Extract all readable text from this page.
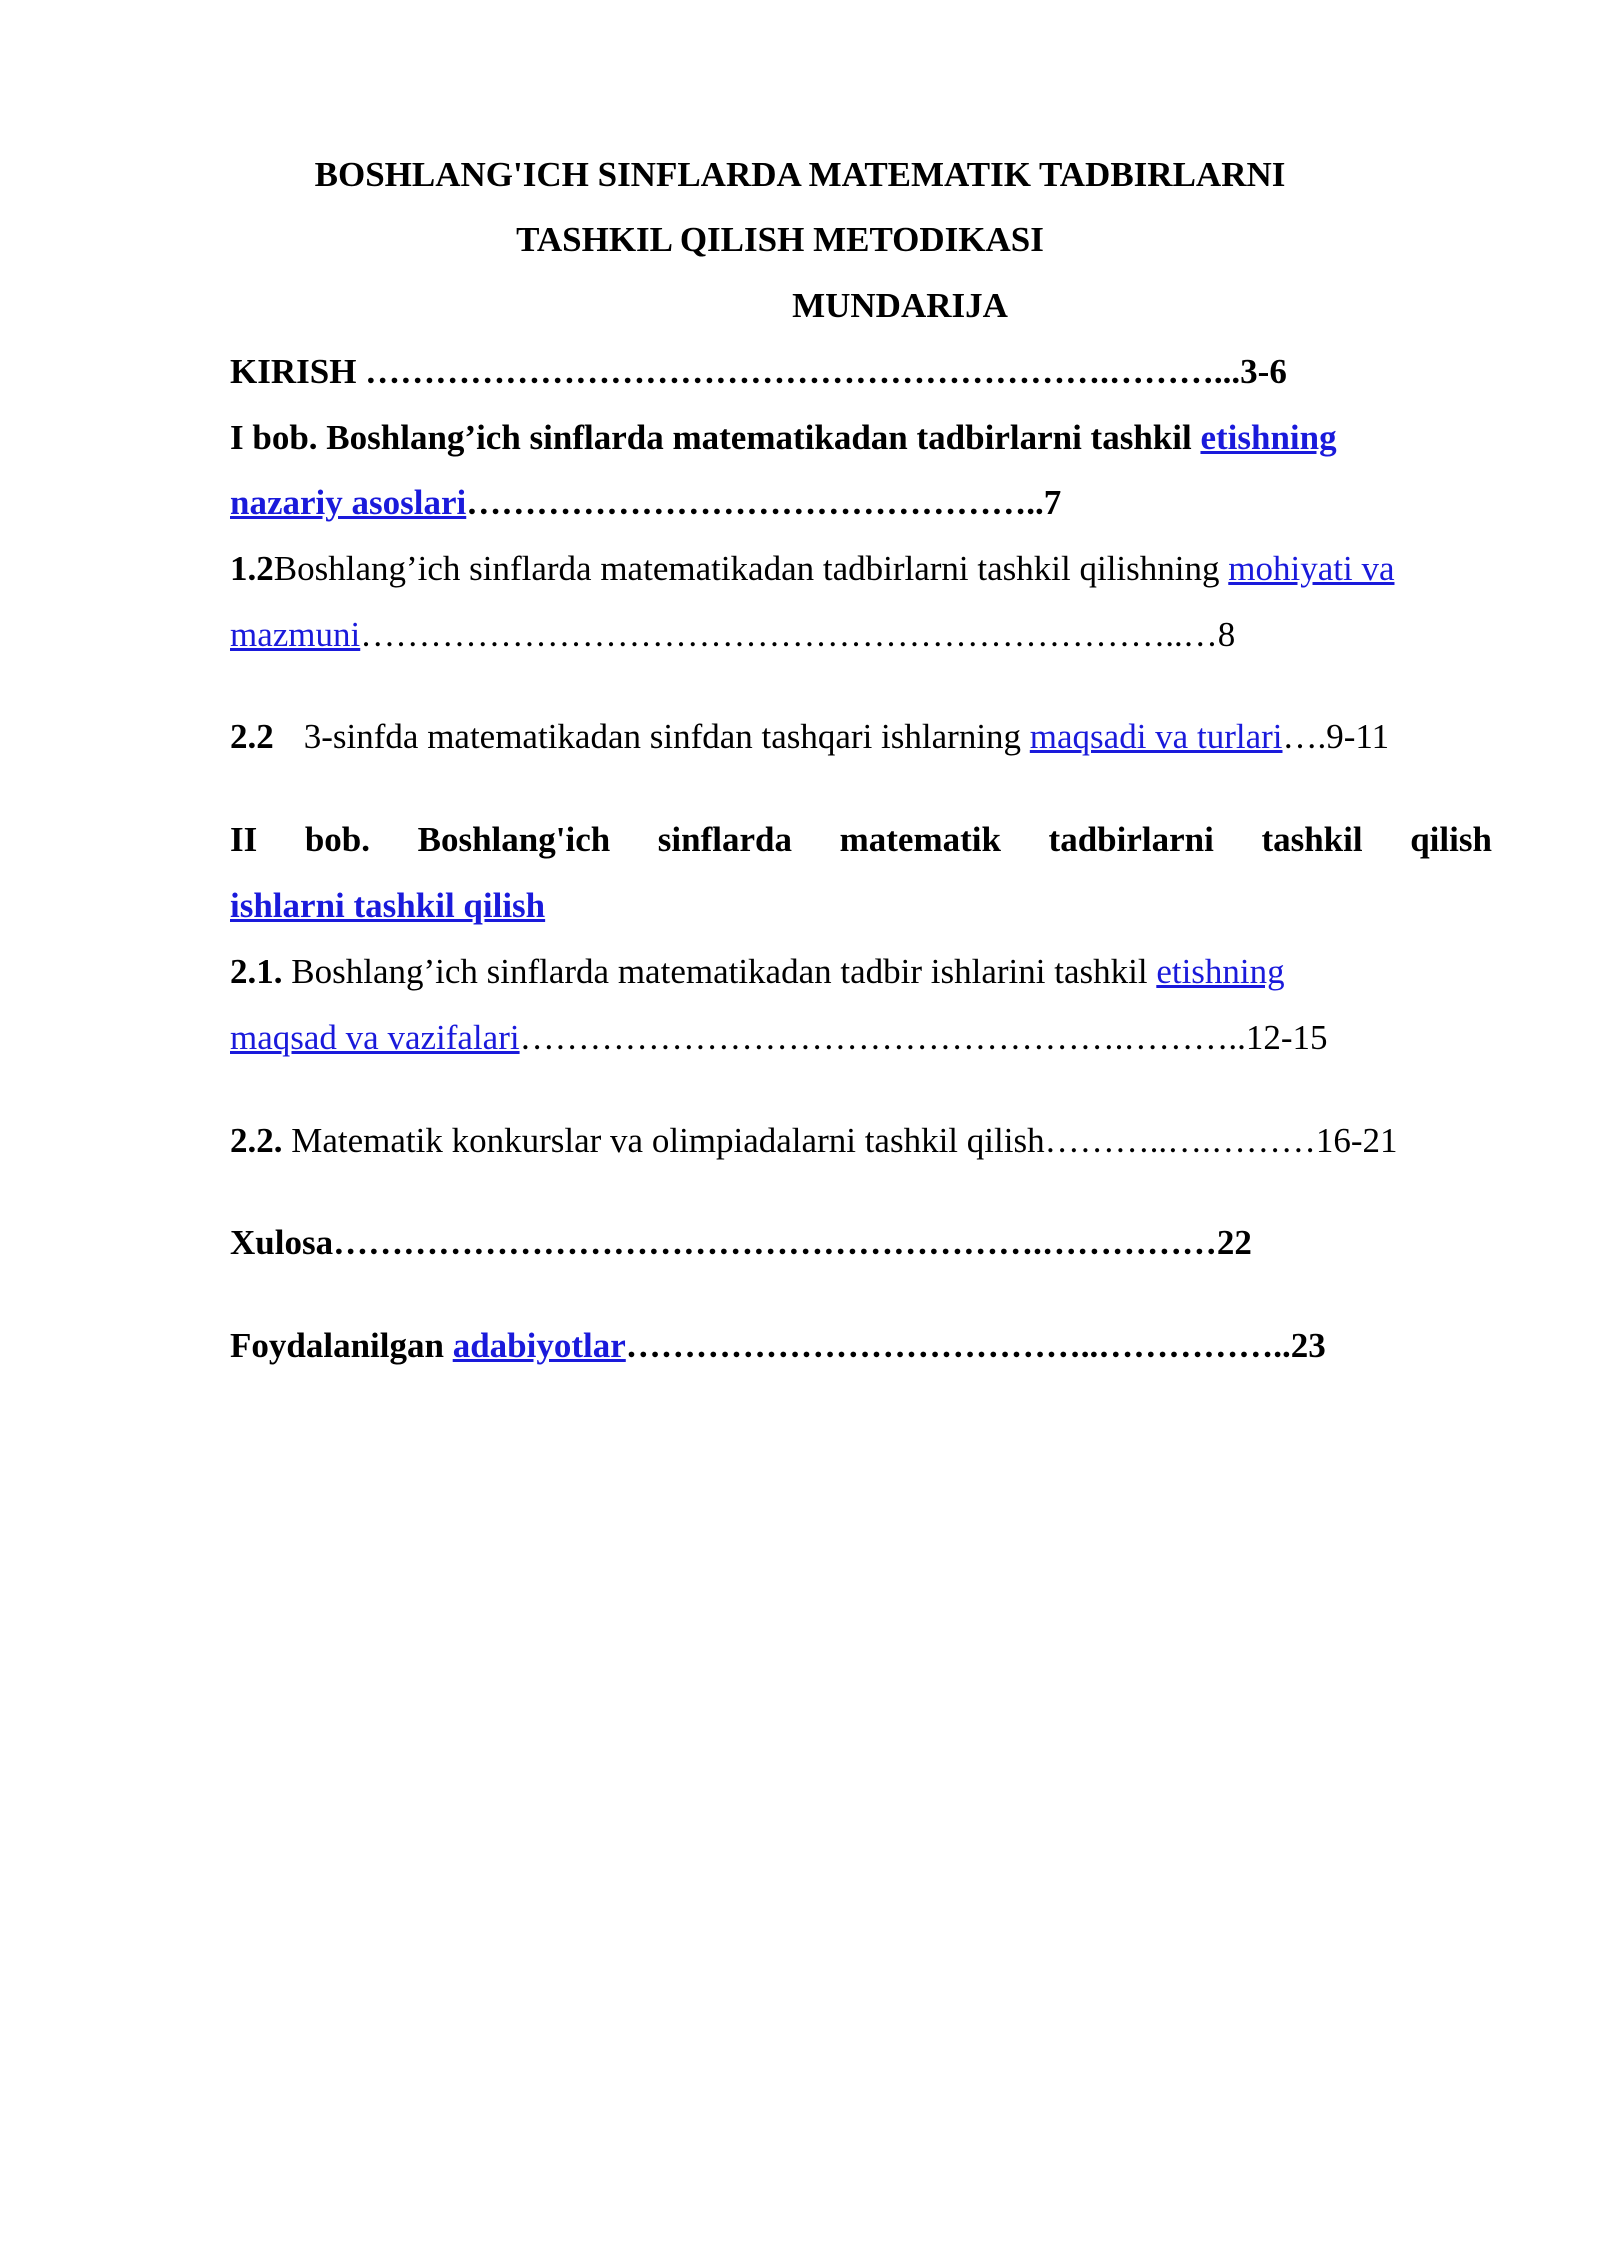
BOSHLANG'ICH SINFLARDA MATEMATIK TADBIRLARNI
TASHKIL QILISH METODIKASI
MUNDARIJA
KIRISH ……………………………………………………….………...3-6
I bob. Boshlang’ich sinflarda matematikadan tadbirlarni tashkil etishning
nazariy asoslari…………………………………………..7
1.2Boshlang’ich sinflarda matematikadan tadbirlarni tashkil qilishning mohiyati va
mazmuni……………………………………………………………..…8
2.2 3-sinfda matematikadan sinfdan tashqari ishlarning maqsadi va turlari….9-11
II bob. Boshlang'ich sinflarda matematik tadbirlarni tashkil qilish
ishlarni tashkil qilish
2.1. Boshlang’ich sinflarda matematikadan tadbir ishlarini tashkil etishning
maqsad va vazifalari…………………………………………….………..12-15
2.2. Matematik konkurslar va olimpiadalarni tashkil qilish………..….………16-21
Xulosa…………………………………………………….……………22
Foydalanilgan adabiyotlar…………………………………..……………..23
